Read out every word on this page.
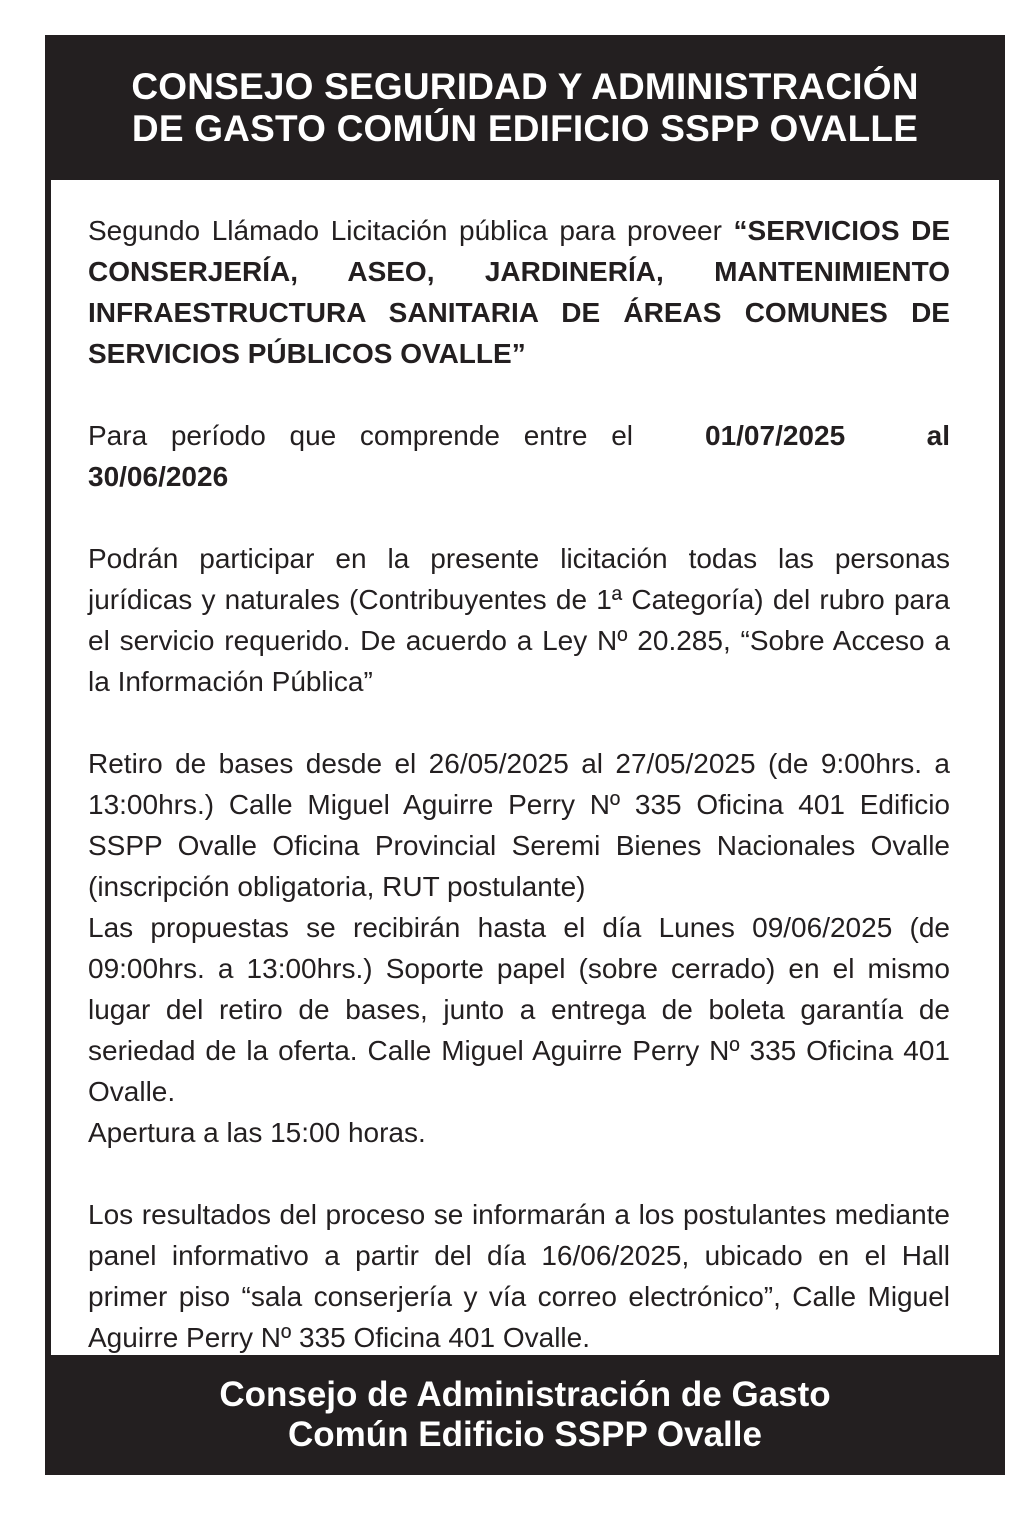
CONSEJO SEGURIDAD Y ADMINISTRACIÓN
DE GASTO COMÚN EDIFICIO SSPP OVALLE

Segundo Llámado Licitación pública para proveer “SERVICIOS DE CONSERJERÍA, ASEO, JARDINERÍA, MANTENIMIENTO INFRAESTRUCTURA SANITARIA DE ÁREAS COMUNES DE SERVICIOS PÚBLICOS OVALLE”

Para período que comprende entre el	01/07/2025	al
30/06/2026

Podrán participar en la presente licitación todas las personas jurídicas y naturales (Contribuyentes de 1ª Categoría) del rubro para el servicio requerido. De acuerdo a Ley Nº 20.285, “Sobre Acceso a la Información Pública”

Retiro de bases desde el 26/05/2025 al 27/05/2025 (de 9:00hrs. a 13:00hrs.) Calle Miguel Aguirre Perry Nº 335 Oficina 401 Edificio SSPP Ovalle Oficina Provincial Seremi Bienes Nacionales Ovalle (inscripción obligatoria, RUT postulante)

Las propuestas se recibirán hasta el día Lunes 09/06/2025 (de 09:00hrs. a 13:00hrs.) Soporte papel (sobre cerrado) en el mismo lugar del retiro de bases, junto a entrega de boleta garantía de seriedad de la oferta. Calle Miguel Aguirre Perry Nº 335 Oficina 401 Ovalle.

Apertura a las 15:00 horas.

Los resultados del proceso se informarán a los postulantes mediante panel informativo a partir del día 16/06/2025, ubicado en el Hall primer piso “sala conserjería y vía correo electrónico”, Calle Miguel Aguirre Perry Nº 335 Oficina 401 Ovalle.

Consejo de Administración de Gasto
Común Edificio SSPP Ovalle
